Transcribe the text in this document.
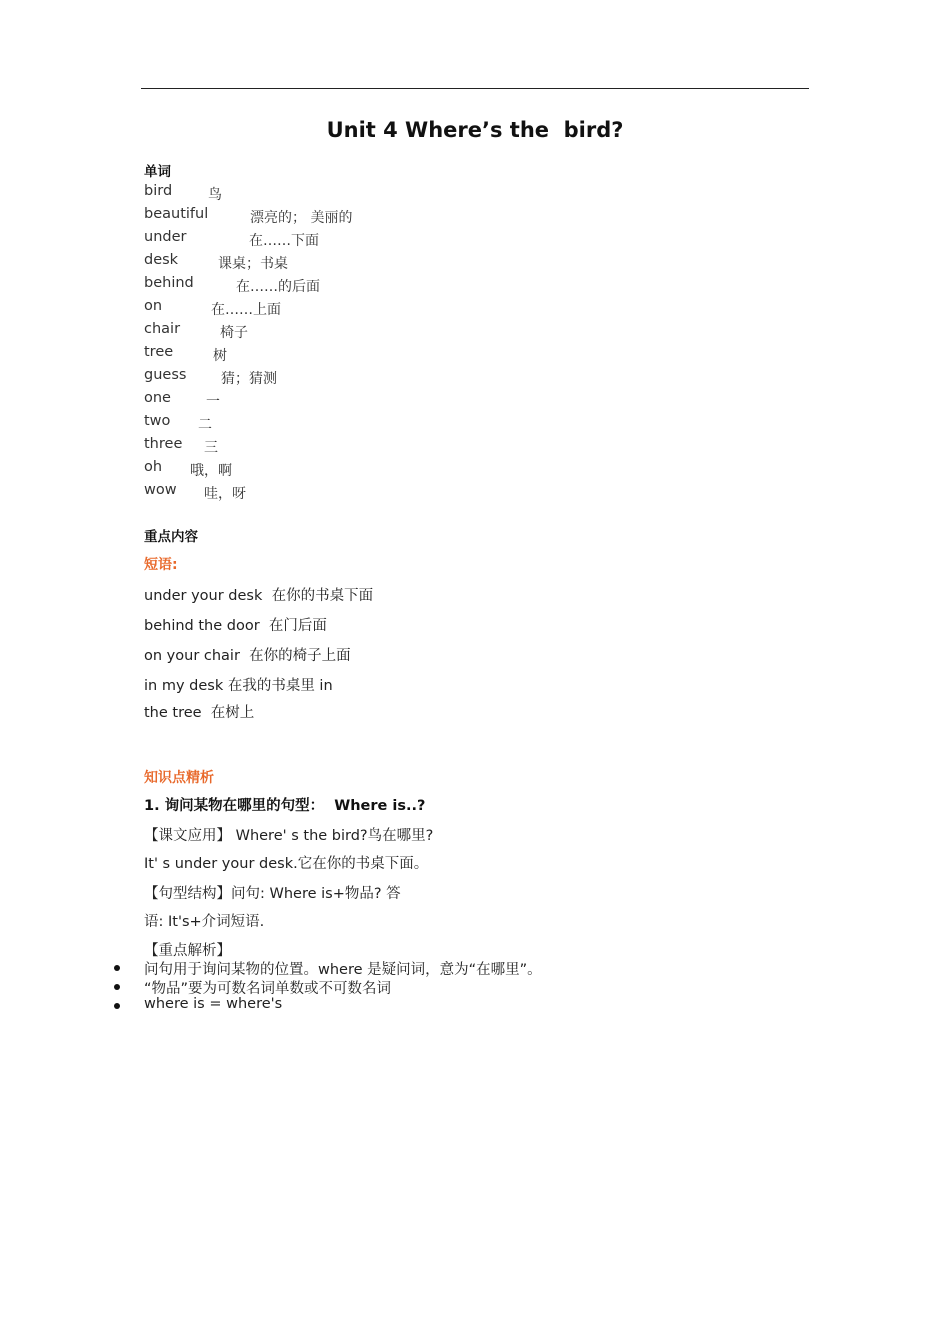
Unit 4 Where’s the  bird?
单词
bird	鸟
beautiful	漂亮的； 美丽的
under	在……下面
desk	课桌；书桌
behind	在……的后面
on	在……上面
chair	椅子
tree	树
guess 猜；猜测
one	一
two 二
three 三
oh 哦，啊
wow 哇，呀
重点内容
短语:
under your desk  在你的书桌下面
behind the door  在门后面
on your chair  在你的椅子上面
in my desk 在我的书桌里 in
the tree  在树上
知识点精析
1. 询问某物在哪里的句型：  Where is..?
【课文应用】 Where' s the bird?鸟在哪里?
It' s under your desk.它在你的书桌下面。
【句型结构】问句: Where is+物品? 答
语: It's+介词短语.
【重点解析】
问句用于询问某物的位置。where 是疑问词，意为“在哪里”。
“物品”要为可数名词单数或不可数名词
where is = where's
